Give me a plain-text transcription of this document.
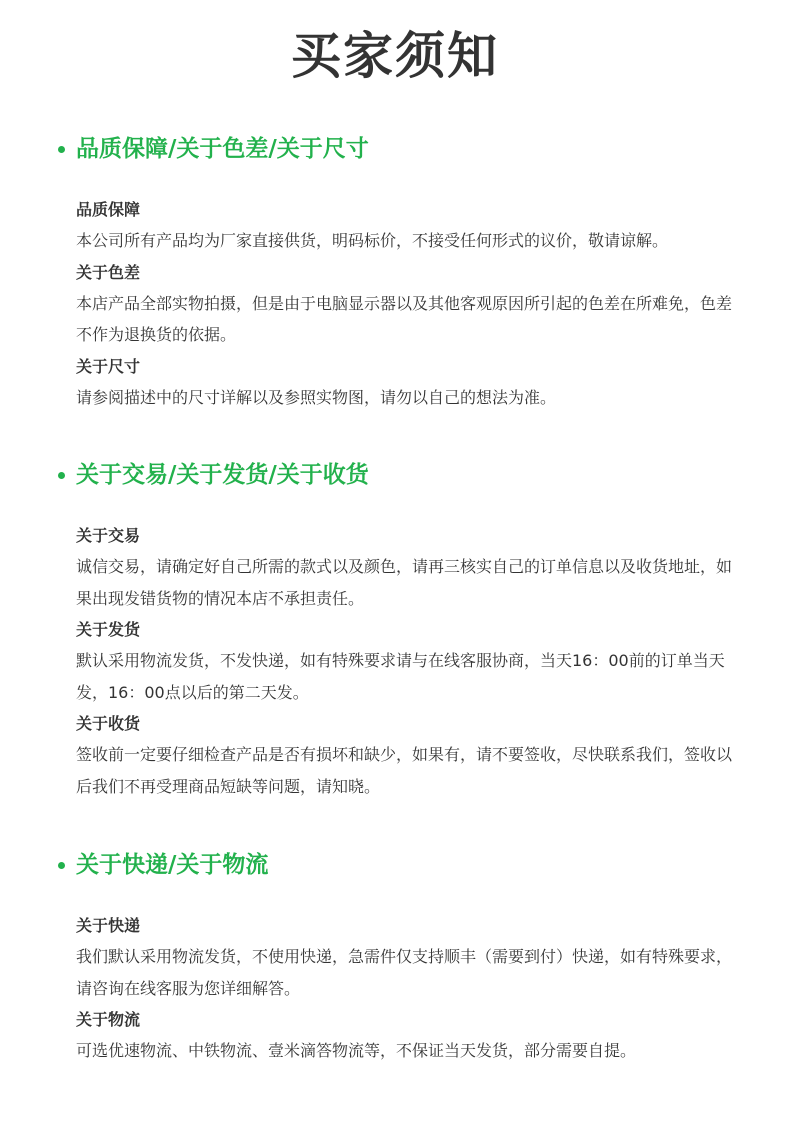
买家须知
品质保障/关于色差/关于尺寸
品质保障
本公司所有产品均为厂家直接供货，明码标价，不接受任何形式的议价，敬请谅解。
关于色差
本店产品全部实物拍摄，但是由于电脑显示器以及其他客观原因所引起的色差在所难免，色差不作为退换货的依据。
关于尺寸
请参阅描述中的尺寸详解以及参照实物图，请勿以自己的想法为准。
关于交易/关于发货/关于收货
关于交易
诚信交易，请确定好自己所需的款式以及颜色，请再三核实自己的订单信息以及收货地址，如果出现发错货物的情况本店不承担责任。
关于发货
默认采用物流发货，不发快递，如有特殊要求请与在线客服协商，当天16：00前的订单当天发，16：00点以后的第二天发。
关于收货
签收前一定要仔细检查产品是否有损坏和缺少，如果有，请不要签收，尽快联系我们，签收以后我们不再受理商品短缺等问题，请知晓。
关于快递/关于物流
关于快递
我们默认采用物流发货，不使用快递，急需件仅支持顺丰（需要到付）快递，如有特殊要求，请咨询在线客服为您详细解答。
关于物流
可选优速物流、中铁物流、壹米滴答物流等，不保证当天发货，部分需要自提。
